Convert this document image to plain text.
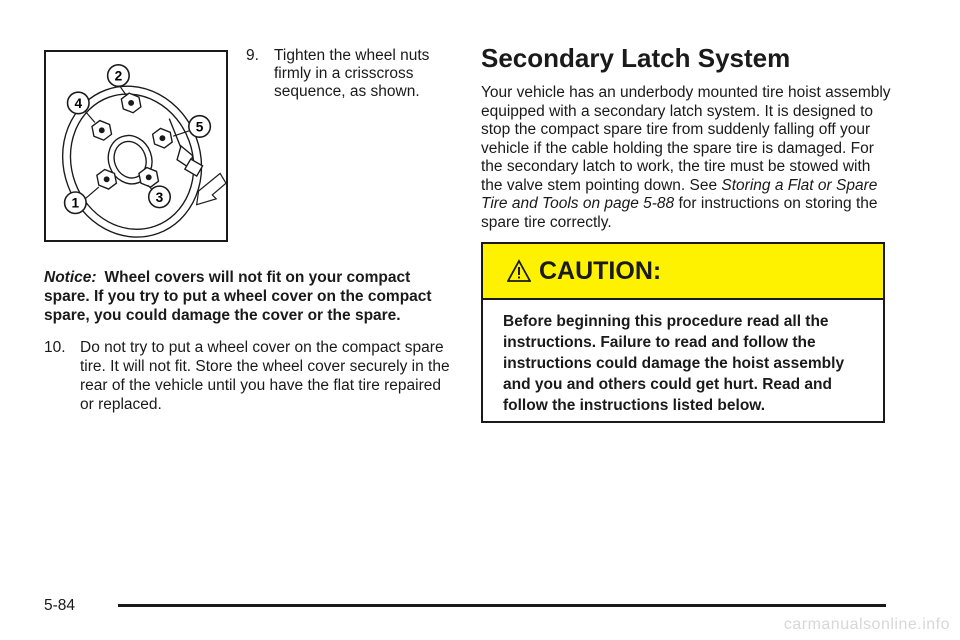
2
4
5
1	3
9. Tighten the wheel nuts firmly in a crisscross sequence, as shown.
Notice: Wheel covers will not fit on your compact spare. If you try to put a wheel cover on the compact spare, you could damage the cover or the spare.
10. Do not try to put a wheel cover on the compact spare tire. It will not fit. Store the wheel cover securely in the rear of the vehicle until you have the flat tire repaired or replaced.
Secondary Latch System
Your vehicle has an underbody mounted tire hoist assembly equipped with a secondary latch system. It is designed to stop the compact spare tire from suddenly falling off your vehicle if the cable holding the spare tire is damaged. For the secondary latch to work, the tire must be stowed with the valve stem pointing down. See Storing a Flat or Spare Tire and Tools on page 5-88 for instructions on storing the spare tire correctly.
CAUTION:
Before beginning this procedure read all the instructions. Failure to read and follow the instructions could damage the hoist assembly and you and others could get hurt. Read and follow the instructions listed below.
5-84
carmanualsonline.info
